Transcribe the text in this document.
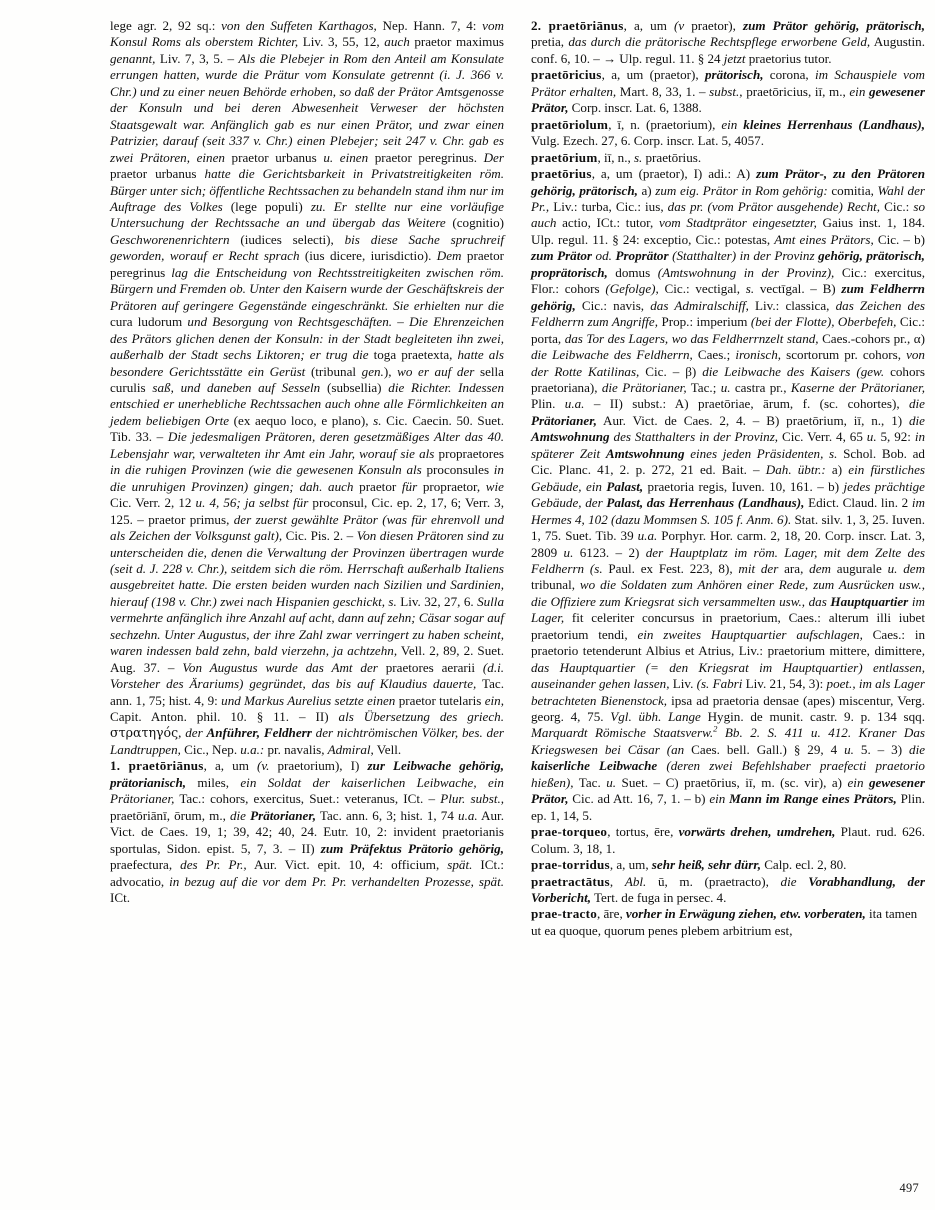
lege agr. 2, 92 sq.: von den Suffeten Karthagos, Nep. Hann. 7, 4: vom Konsul Roms als oberstem Richter, Liv. 3, 55, 12, auch praetor maximus genannt, Liv. 7, 3, 5. – Als die Plebejer in Rom den Anteil am Konsulate errungen hatten, wurde die Prätur vom Konsulate getrennt (i. J. 366 v. Chr.) und zu einer neuen Behörde erhoben, so daß der Prätor Amtsgenosse der Konsuln und bei deren Abwesenheit Verweser der höchsten Staatsgewalt war. Anfänglich gab es nur einen Prätor, und zwar einen Patrizier, darauf (seit 337 v. Chr.) einen Plebejer; seit 247 v. Chr. gab es zwei Prätoren, einen praetor urbanus u. einen praetor peregrinus. Der praetor urbanus hatte die Gerichtsbarkeit in Privatstreitigkeiten röm. Bürger unter sich; öffentliche Rechtssachen zu behandeln stand ihm nur im Auftrage des Volkes (lege populi) zu. Er stellte nur eine vorläufige Untersuchung der Rechtssache an und übergab das Weitere (cognitio) Geschworenenrichtern (iudices selecti), bis diese Sache spruchreif geworden, worauf er Recht sprach (ius dicere, iurisdictio). Dem praetor peregrinus lag die Entscheidung von Rechtsstreitigkeiten zwischen röm. Bürgern und Fremden ob. Unter den Kaisern wurde der Geschäftskreis der Prätoren auf geringere Gegenstände eingeschränkt. Sie erhielten nur die cura ludorum und Besorgung von Rechtsgeschäften. – Die Ehrenzeichen des Prätors glichen denen der Konsuln: in der Stadt begleiteten ihn zwei, außerhalb der Stadt sechs Liktoren; er trug die toga praetexta, hatte als besondere Gerichtsstätte ein Gerüst (tribunal gen.), wo er auf der sella curulis saß, und daneben auf Sesseln (subsellia) die Richter. Indessen entschied er unerhebliche Rechtssachen auch ohne alle Förmlichkeiten an jedem beliebigen Orte (ex aequo loco, e plano), s. Cic. Caecin. 50. Suet. Tib. 33. – Die jedesmaligen Prätoren, deren gesetzmäßiges Alter das 40. Lebensjahr war, verwalteten ihr Amt ein Jahr, worauf sie als propraetores in die ruhigen Provinzen (wie die gewesenen Konsuln als proconsules in die unruhigen Provinzen) gingen; dah. auch praetor für propraetor, wie Cic. Verr. 2, 12 u. 4, 56; ja selbst für proconsul, Cic. ep. 2, 17, 6; Verr. 3, 125. – praetor primus, der zuerst gewählte Prätor (was für ehrenvoll und als Zeichen der Volksgunst galt), Cic. Pis. 2. – Von diesen Prätoren sind zu unterscheiden die, denen die Verwaltung der Provinzen übertragen wurde (seit d. J. 228 v. Chr.), seitdem sich die röm. Herrschaft außerhalb Italiens ausgebreitet hatte. Die ersten beiden wurden nach Sizilien und Sardinien, hierauf (198 v. Chr.) zwei nach Hispanien geschickt, s. Liv. 32, 27, 6. Sulla vermehrte anfänglich ihre Anzahl auf acht, dann auf zehn; Cäsar sogar auf sechzehn. Unter Augustus, der ihre Zahl zwar verringert zu haben scheint, waren indessen bald zehn, bald vierzehn, ja achtzehn, Vell. 2, 89, 2. Suet. Aug. 37. – Von Augustus wurde das Amt der praetores aerarii (d.i. Vorsteher des Ärariums) gegründet, das bis auf Klaudius dauerte, Tac. ann. 1, 75; hist. 4, 9: und Markus Aurelius setzte einen praetor tutelaris ein, Capit. Anton. phil. 10. § 11. – II) als Übersetzung des griech. στρατηγός, der Anführer, Feldherr der nichtrömischen Völker, bes. der Landtruppen, Cic., Nep. u.a.: pr. navalis, Admiral, Vell.

1. praetōriānus, a, um (v. praetorium), I) zur Leibwache gehörig, prätorianisch, miles, ein Soldat der kaiserlichen Leibwache, ein Prätorianer, Tac.: cohors, exercitus, Suet.: veteranus, ICt. – Plur. subst., praetōriānī, ōrum, m., die Prätorianer, Tac. ann. 6, 3; hist. 1, 74 u.a. Aur. Vict. de Caes. 19, 1; 39, 42; 40, 24. Eutr. 10, 2: invident praetorianis sportulas, Sidon. epist. 5, 7, 3. – II) zum Präfektus Prätorio gehörig, praefectura, des Pr. Pr., Aur. Vict. epit. 10, 4: officium, spät. ICt.: advocatio, in bezug auf die vor dem Pr. Pr. verhandelten Prozesse, spät. ICt.

2. praetōriānus, a, um (v praetor), zum Prätor gehörig, prätorisch, pretia, das durch die prätorische Rechtspflege erworbene Geld, Augustin. conf. 6, 10. – → Ulp. regul. 11. § 24 jetzt praetorius tutor.

praetōricius, a, um (praetor), prätorisch, corona, im Schauspiele vom Prätor erhalten, Mart. 8, 33, 1. – subst., praetōricius, iī, m., ein gewesener Prätor, Corp. inscr. Lat. 6, 1388.

praetōriolum, ī, n. (praetorium), ein kleines Herrenhaus (Landhaus), Vulg. Ezech. 27, 6. Corp. inscr. Lat. 5, 4057.

praetōrium, iī, n., s. praetōrius.

praetōrius, a, um (praetor), I) adi.: A) zum Prätor-, zu den Prätoren gehörig, prätorisch, a) zum eig. Prätor in Rom gehörig: comitia, Wahl der Pr., Liv.: turba, Cic.: ius, das pr. (vom Prätor ausgehende) Recht, Cic.: so auch actio, ICt.: tutor, vom Stadtprätor eingesetzter, Gaius inst. 1, 184. Ulp. regul. 11. § 24: exceptio, Cic.: potestas, Amt eines Prätors, Cic. – b) zum Prätor od. Proprätor (Statthalter) in der Provinz gehörig, prätorisch, proprätorisch, domus (Amtswohnung in der Provinz), Cic.: exercitus, Flor.: cohors (Gefolge), Cic.: vectigal, s. vectīgal. – B) zum Feldherrn gehörig, Cic.: navis, das Admiralschiff, Liv.: classica, das Zeichen des Feldherrn zum Angriffe, Prop.: imperium (bei der Flotte), Oberbefeh, Cic.: porta, das Tor des Lagers, wo das Feldherrnzelt stand, Caes.-cohors pr., α) die Leibwache des Feldherrn, Caes.; ironisch, scortorum pr. cohors, von der Rotte Katilinas, Cic. – β) die Leibwache des Kaisers (gew. cohors praetoriana), die Prätorianer, Tac.; u. castra pr., Kaserne der Prätorianer, Plin. u.a. – II) subst.: A) praetōriae, ārum, f. (sc. cohortes), die Prätorianer, Aur. Vict. de Caes. 2, 4. – B) praetōrium, iī, n., 1) die Amtswohnung des Statthalters in der Provinz, Cic. Verr. 4, 65 u. 5, 92: in späterer Zeit Amtswohnung eines jeden Präsidenten, s. Schol. Bob. ad Cic. Planc. 41, 2. p. 272, 21 ed. Bait. – Dah. übtr.: a) ein fürstliches Gebäude, ein Palast, praetoria regis, Iuven. 10, 161. – b) jedes prächtige Gebäude, der Palast, das Herrenhaus (Landhaus), Edict. Claud. lin. 2 im Hermes 4, 102 (dazu Mommsen S. 105 f. Anm. 6). Stat. silv. 1, 3, 25. Iuven. 1, 75. Suet. Tib. 39 u.a. Porphyr. Hor. carm. 2, 18, 20. Corp. inscr. Lat. 3, 2809 u. 6123. – 2) der Hauptplatz im röm. Lager, mit dem Zelte des Feldherrn (s. Paul. ex Fest. 223, 8), mit der ara, dem augurale u. dem tribunal, wo die Soldaten zum Anhören einer Rede, zum Ausrücken usw., die Offiziere zum Kriegsrat sich versammelten usw., das Hauptquartier im Lager, fit celeriter concursus in praetorium, Caes.: alterum illi iubet praetorium tendi, ein zweites Hauptquartier aufschlagen, Caes.: in praetorio tetenderunt Albius et Atrius, Liv.: praetorium mittere, dimittere, das Hauptquartier (= den Kriegsrat im Hauptquartier) entlassen, auseinander gehen lassen, Liv. (s. Fabri Liv. 21, 54, 3): poet., im als Lager betrachteten Bienenstock, ipsa ad praetoria densae (apes) miscentur, Verg. georg. 4, 75. Vgl. übh. Lange Hygin. de munit. castr. 9. p. 134 sqq. Marquardt Römische Staatsverw.$^2$ Bb. 2. S. 411 u. 412. Kraner Das Kriegswesen bei Cäsar (an Caes. bell. Gall.) § 29, 4 u. 5. – 3) die kaiserliche Leibwache (deren zwei Befehlshaber praefecti praetorio hießen), Tac. u. Suet. – C) praetōrius, iī, m. (sc. vir), a) ein gewesener Prätor, Cic. ad Att. 16, 7, 1. – b) ein Mann im Range eines Prätors, Plin. ep. 1, 14, 5.

prae-torqueo, tortus, ēre, vorwärts drehen, umdrehen, Plaut. rud. 626. Colum. 3, 18, 1.

prae-torridus, a, um, sehr heiß, sehr dürr, Calp. ecl. 2, 80.

praetractātus, Abl. ū, m. (praetracto), die Vorabhandlung, der Vorbericht, Tert. de fuga in persec. 4.

prae-tracto, āre, vorher in Erwägung ziehen, etw. vorberaten, ita tamen ut ea quoque, quorum penes plebem arbitrium est,

497
